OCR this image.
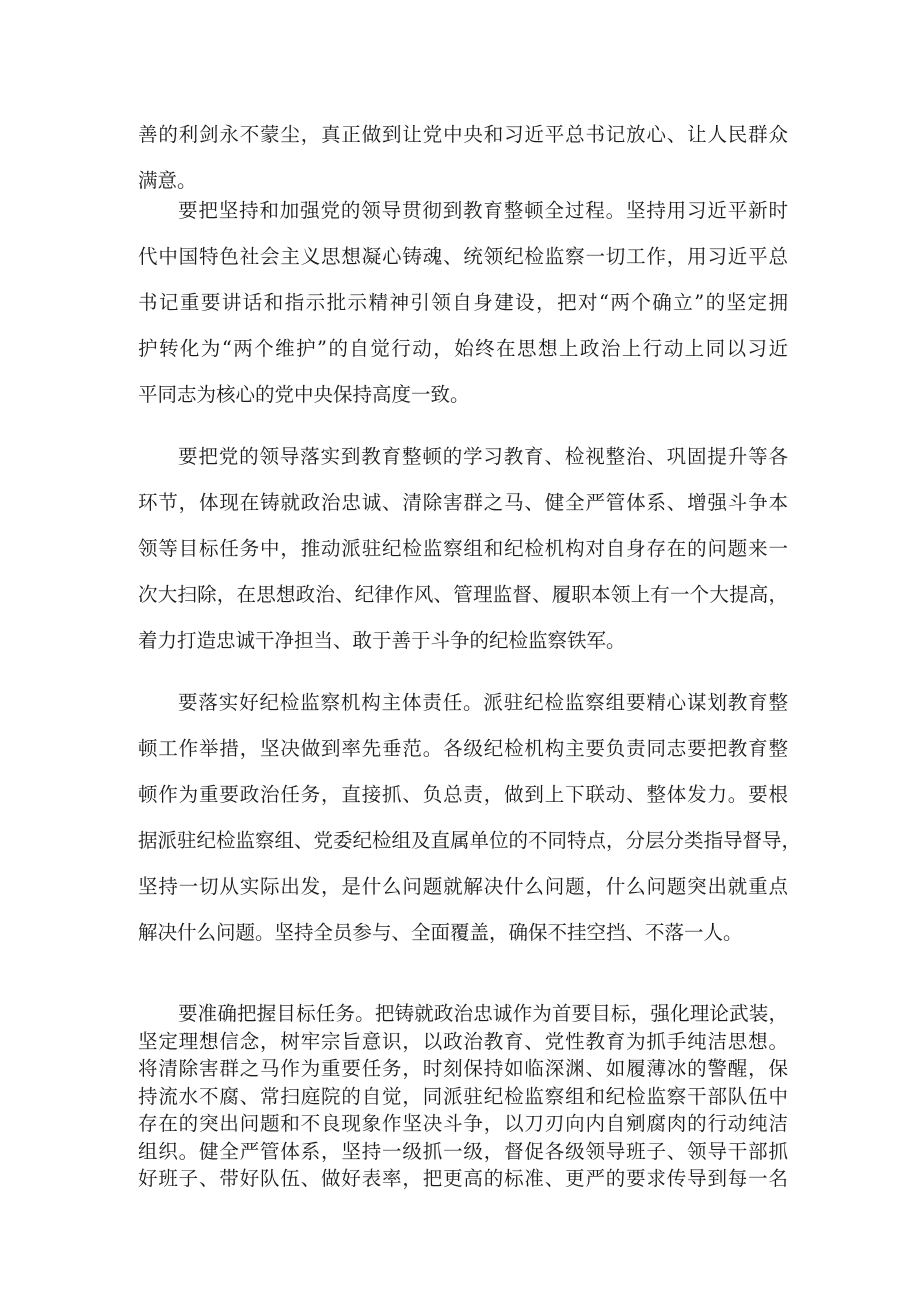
善的利剑永不蒙尘，真正做到让党中央和习近平总书记放心、让人民群众
满意。
要把坚持和加强党的领导贯彻到教育整顿全过程。坚持用习近平新时
代中国特色社会主义思想凝心铸魂、统领纪检监察一切工作，用习近平总
书记重要讲话和指示批示精神引领自身建设，把对“两个确立”的坚定拥
护转化为“两个维护”的自觉行动，始终在思想上政治上行动上同以习近
平同志为核心的党中央保持高度一致。
要把党的领导落实到教育整顿的学习教育、检视整治、巩固提升等各
环节，体现在铸就政治忠诚、清除害群之马、健全严管体系、增强斗争本
领等目标任务中，推动派驻纪检监察组和纪检机构对自身存在的问题来一
次大扫除，在思想政治、纪律作风、管理监督、履职本领上有一个大提高，
着力打造忠诚干净担当、敢于善于斗争的纪检监察铁军。
要落实好纪检监察机构主体责任。派驻纪检监察组要精心谋划教育整
顿工作举措，坚决做到率先垂范。各级纪检机构主要负责同志要把教育整
顿作为重要政治任务，直接抓、负总责，做到上下联动、整体发力。要根
据派驻纪检监察组、党委纪检组及直属单位的不同特点，分层分类指导督导，
坚持一切从实际出发，是什么问题就解决什么问题，什么问题突出就重点
解决什么问题。坚持全员参与、全面覆盖，确保不挂空挡、不落一人。
要准确把握目标任务。把铸就政治忠诚作为首要目标，强化理论武装，
坚定理想信念，树牢宗旨意识，以政治教育、党性教育为抓手纯洁思想。
将清除害群之马作为重要任务，时刻保持如临深渊、如履薄冰的警醒，保
持流水不腐、常扫庭院的自觉，同派驻纪检监察组和纪检监察干部队伍中
存在的突出问题和不良现象作坚决斗争，以刀刃向内自剜腐肉的行动纯洁
组织。健全严管体系，坚持一级抓一级，督促各级领导班子、领导干部抓
好班子、带好队伍、做好表率，把更高的标准、更严的要求传导到每一名
